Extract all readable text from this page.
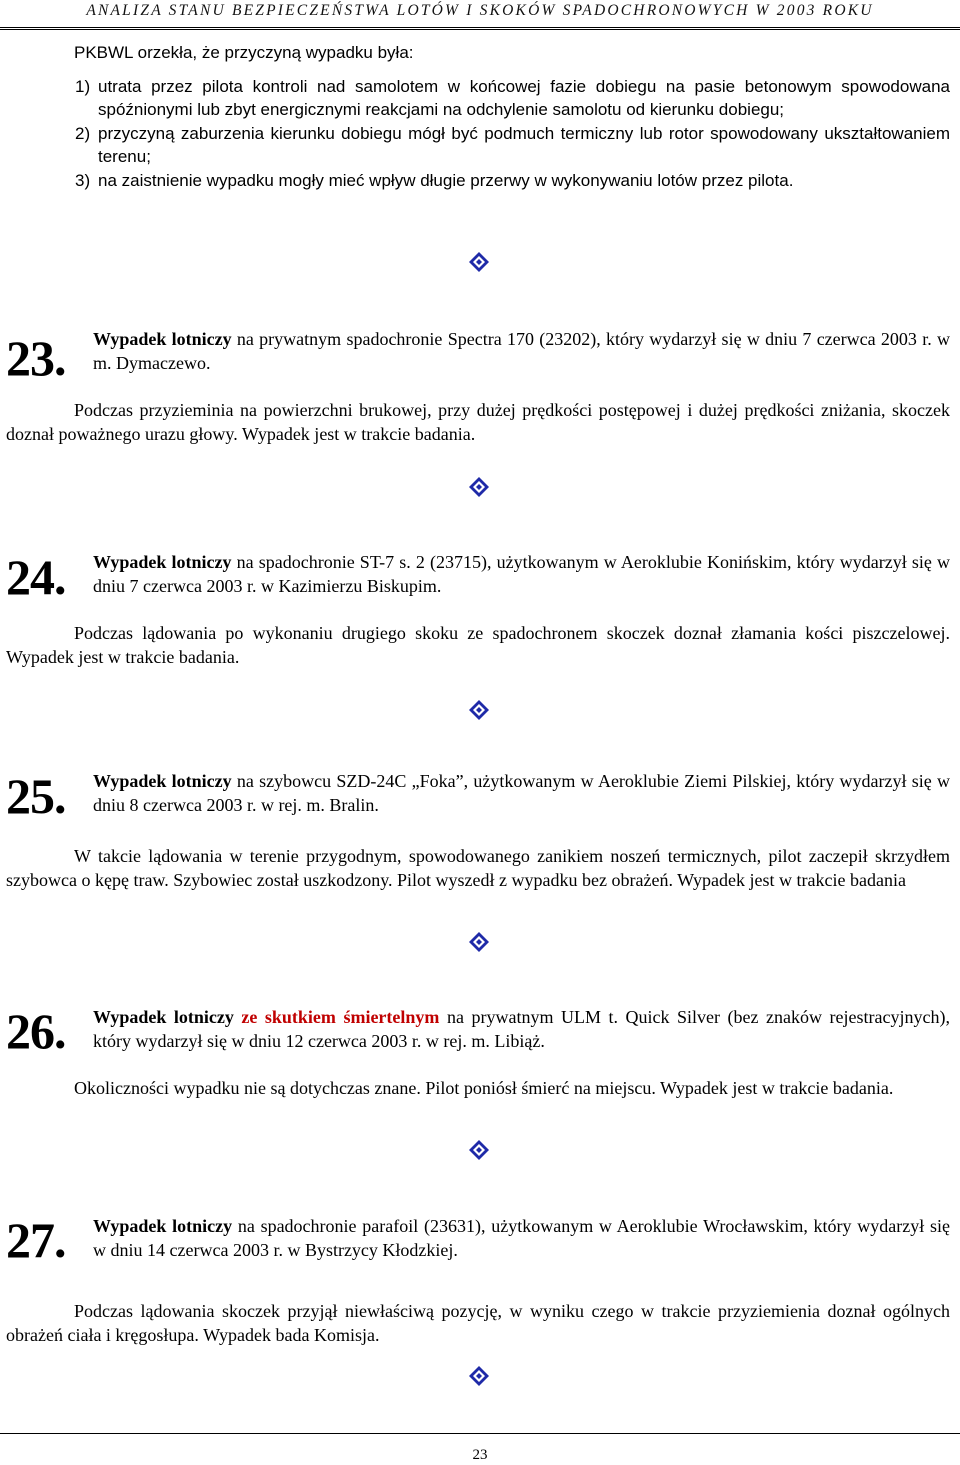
ANALIZA STANU BEZPIECZEŃSTWA LOTÓW I SKOKÓW SPADOCHRONOWYCH W 2003 ROKU
PKBWL orzekła, że przyczyną wypadku była:
1) utrata przez pilota kontroli nad samolotem w końcowej fazie dobiegu na pasie betonowym spowodowana spóźnionymi lub zbyt energicznymi reakcjami na odchylenie samolotu od kierunku dobiegu;
2) przyczyną zaburzenia kierunku dobiegu mógł być podmuch termiczny lub rotor spowodowany ukształtowaniem terenu;
3) na zaistnienie wypadku mogły mieć wpływ długie przerwy w wykonywaniu lotów przez pilota.
23. Wypadek lotniczy na prywatnym spadochronie Spectra 170 (23202), który wydarzył się w dniu 7 czerwca 2003 r. w m. Dymaczewo.
Podczas przyzieminia na powierzchni brukowej, przy dużej prędkości postępowej i dużej prędkości zniżania, skoczek doznał poważnego urazu głowy. Wypadek jest w trakcie badania.
24. Wypadek lotniczy na spadochronie ST-7 s. 2 (23715), użytkowanym w Aeroklubie Konińskim, który wydarzył się w dniu 7 czerwca 2003 r. w Kazimierzu Biskupim.
Podczas lądowania po wykonaniu drugiego skoku ze spadochronem skoczek doznał złamania kości piszczelowej. Wypadek jest w trakcie badania.
25. Wypadek lotniczy na szybowcu SZD-24C „Foka”, użytkowanym w Aeroklubie Ziemi Pilskiej, który wydarzył się w dniu 8 czerwca 2003 r. w rej. m. Bralin.
W takcie lądowania w terenie przygodnym, spowodowanego zanikiem noszeń termicznych, pilot zaczepił skrzydłem szybowca o kępę traw. Szybowiec został uszkodzony. Pilot wyszedł z wypadku bez obrażeń. Wypadek jest w trakcie badania
26. Wypadek lotniczy ze skutkiem śmiertelnym na prywatnym ULM t. Quick Silver (bez znaków rejestracyjnych), który wydarzył się w dniu 12 czerwca 2003 r. w rej. m. Libiąż.
Okoliczności wypadku nie są dotychczas znane. Pilot poniósł śmierć na miejscu. Wypadek jest w trakcie badania.
27. Wypadek lotniczy na spadochronie parafoil (23631), użytkowanym w Aeroklubie Wrocławskim, który wydarzył się w dniu 14 czerwca 2003 r. w Bystrzycy Kłodzkiej.
Podczas lądowania skoczek przyjął niewłaściwą pozycję, w wyniku czego w trakcie przyziemienia doznał ogólnych obrażeń ciała i kręgosłupa. Wypadek bada Komisja.
23
